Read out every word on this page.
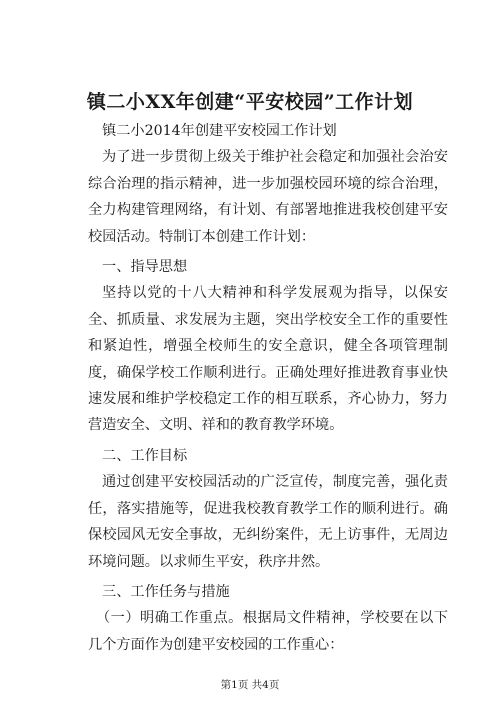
镇二小XX年创建“平安校园”工作计划

镇二小2014年创建平安校园工作计划

为了进一步贯彻上级关于维护社会稳定和加强社会治安综合治理的指示精神，进一步加强校园环境的综合治理，全力构建管理网络，有计划、有部署地推进我校创建平安校园活动。特制订本创建工作计划：

一、指导思想

坚持以党的十八大精神和科学发展观为指导，以保安全、抓质量、求发展为主题，突出学校安全工作的重要性和紧迫性，增强全校师生的安全意识，健全各项管理制度，确保学校工作顺利进行。正确处理好推进教育事业快速发展和维护学校稳定工作的相互联系，齐心协力，努力营造安全、文明、祥和的教育教学环境。

二、工作目标

通过创建平安校园活动的广泛宣传，制度完善，强化责任，落实措施等，促进我校教育教学工作的顺利进行。确保校园风无安全事故，无纠纷案件，无上访事件，无周边环境问题。以求师生平安，秩序井然。

三、工作任务与措施

（一）明确工作重点。根据局文件精神，学校要在以下几个方面作为创建平安校园的工作重心：

第1页 共4页
